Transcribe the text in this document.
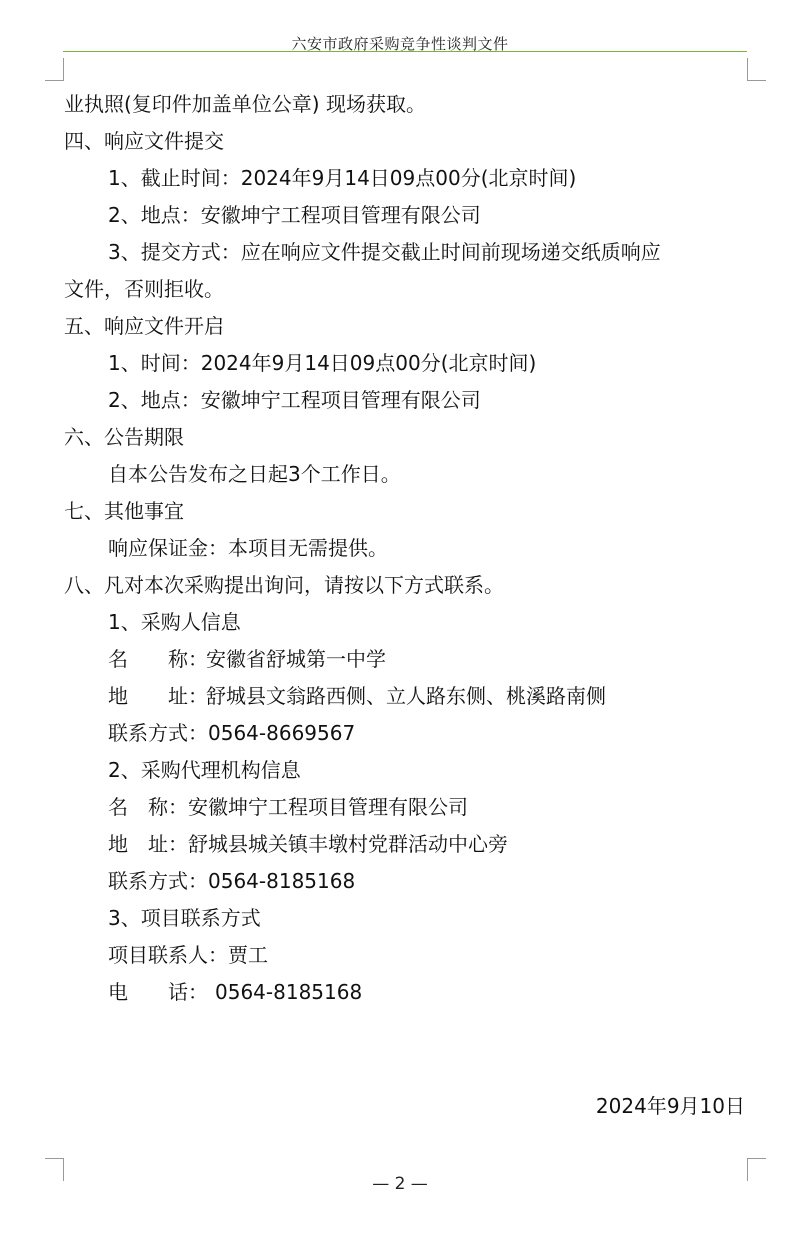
六安市政府采购竞争性谈判文件
业执照(复印件加盖单位公章) 现场获取。
四、响应文件提交
1、截止时间：2024年9月14日09点00分(北京时间)
2、地点：安徽坤宁工程项目管理有限公司
3、提交方式：应在响应文件提交截止时间前现场递交纸质响应
文件，否则拒收。
五、响应文件开启
1、时间：2024年9月14日09点00分(北京时间)
2、地点：安徽坤宁工程项目管理有限公司
六、公告期限
自本公告发布之日起3个工作日。
七、其他事宜
响应保证金：本项目无需提供。
八、凡对本次采购提出询问，请按以下方式联系。
1、采购人信息
名　　称：安徽省舒城第一中学
地　　址：舒城县文翁路西侧、立人路东侧、桃溪路南侧
联系方式：0564-8669567
2、采购代理机构信息
名　称：安徽坤宁工程项目管理有限公司
地　址：舒城县城关镇丰墩村党群活动中心旁
联系方式：0564-8185168
3、项目联系方式
项目联系人：贾工
电　　话： 0564-8185168
2024年9月10日
— 2 —
